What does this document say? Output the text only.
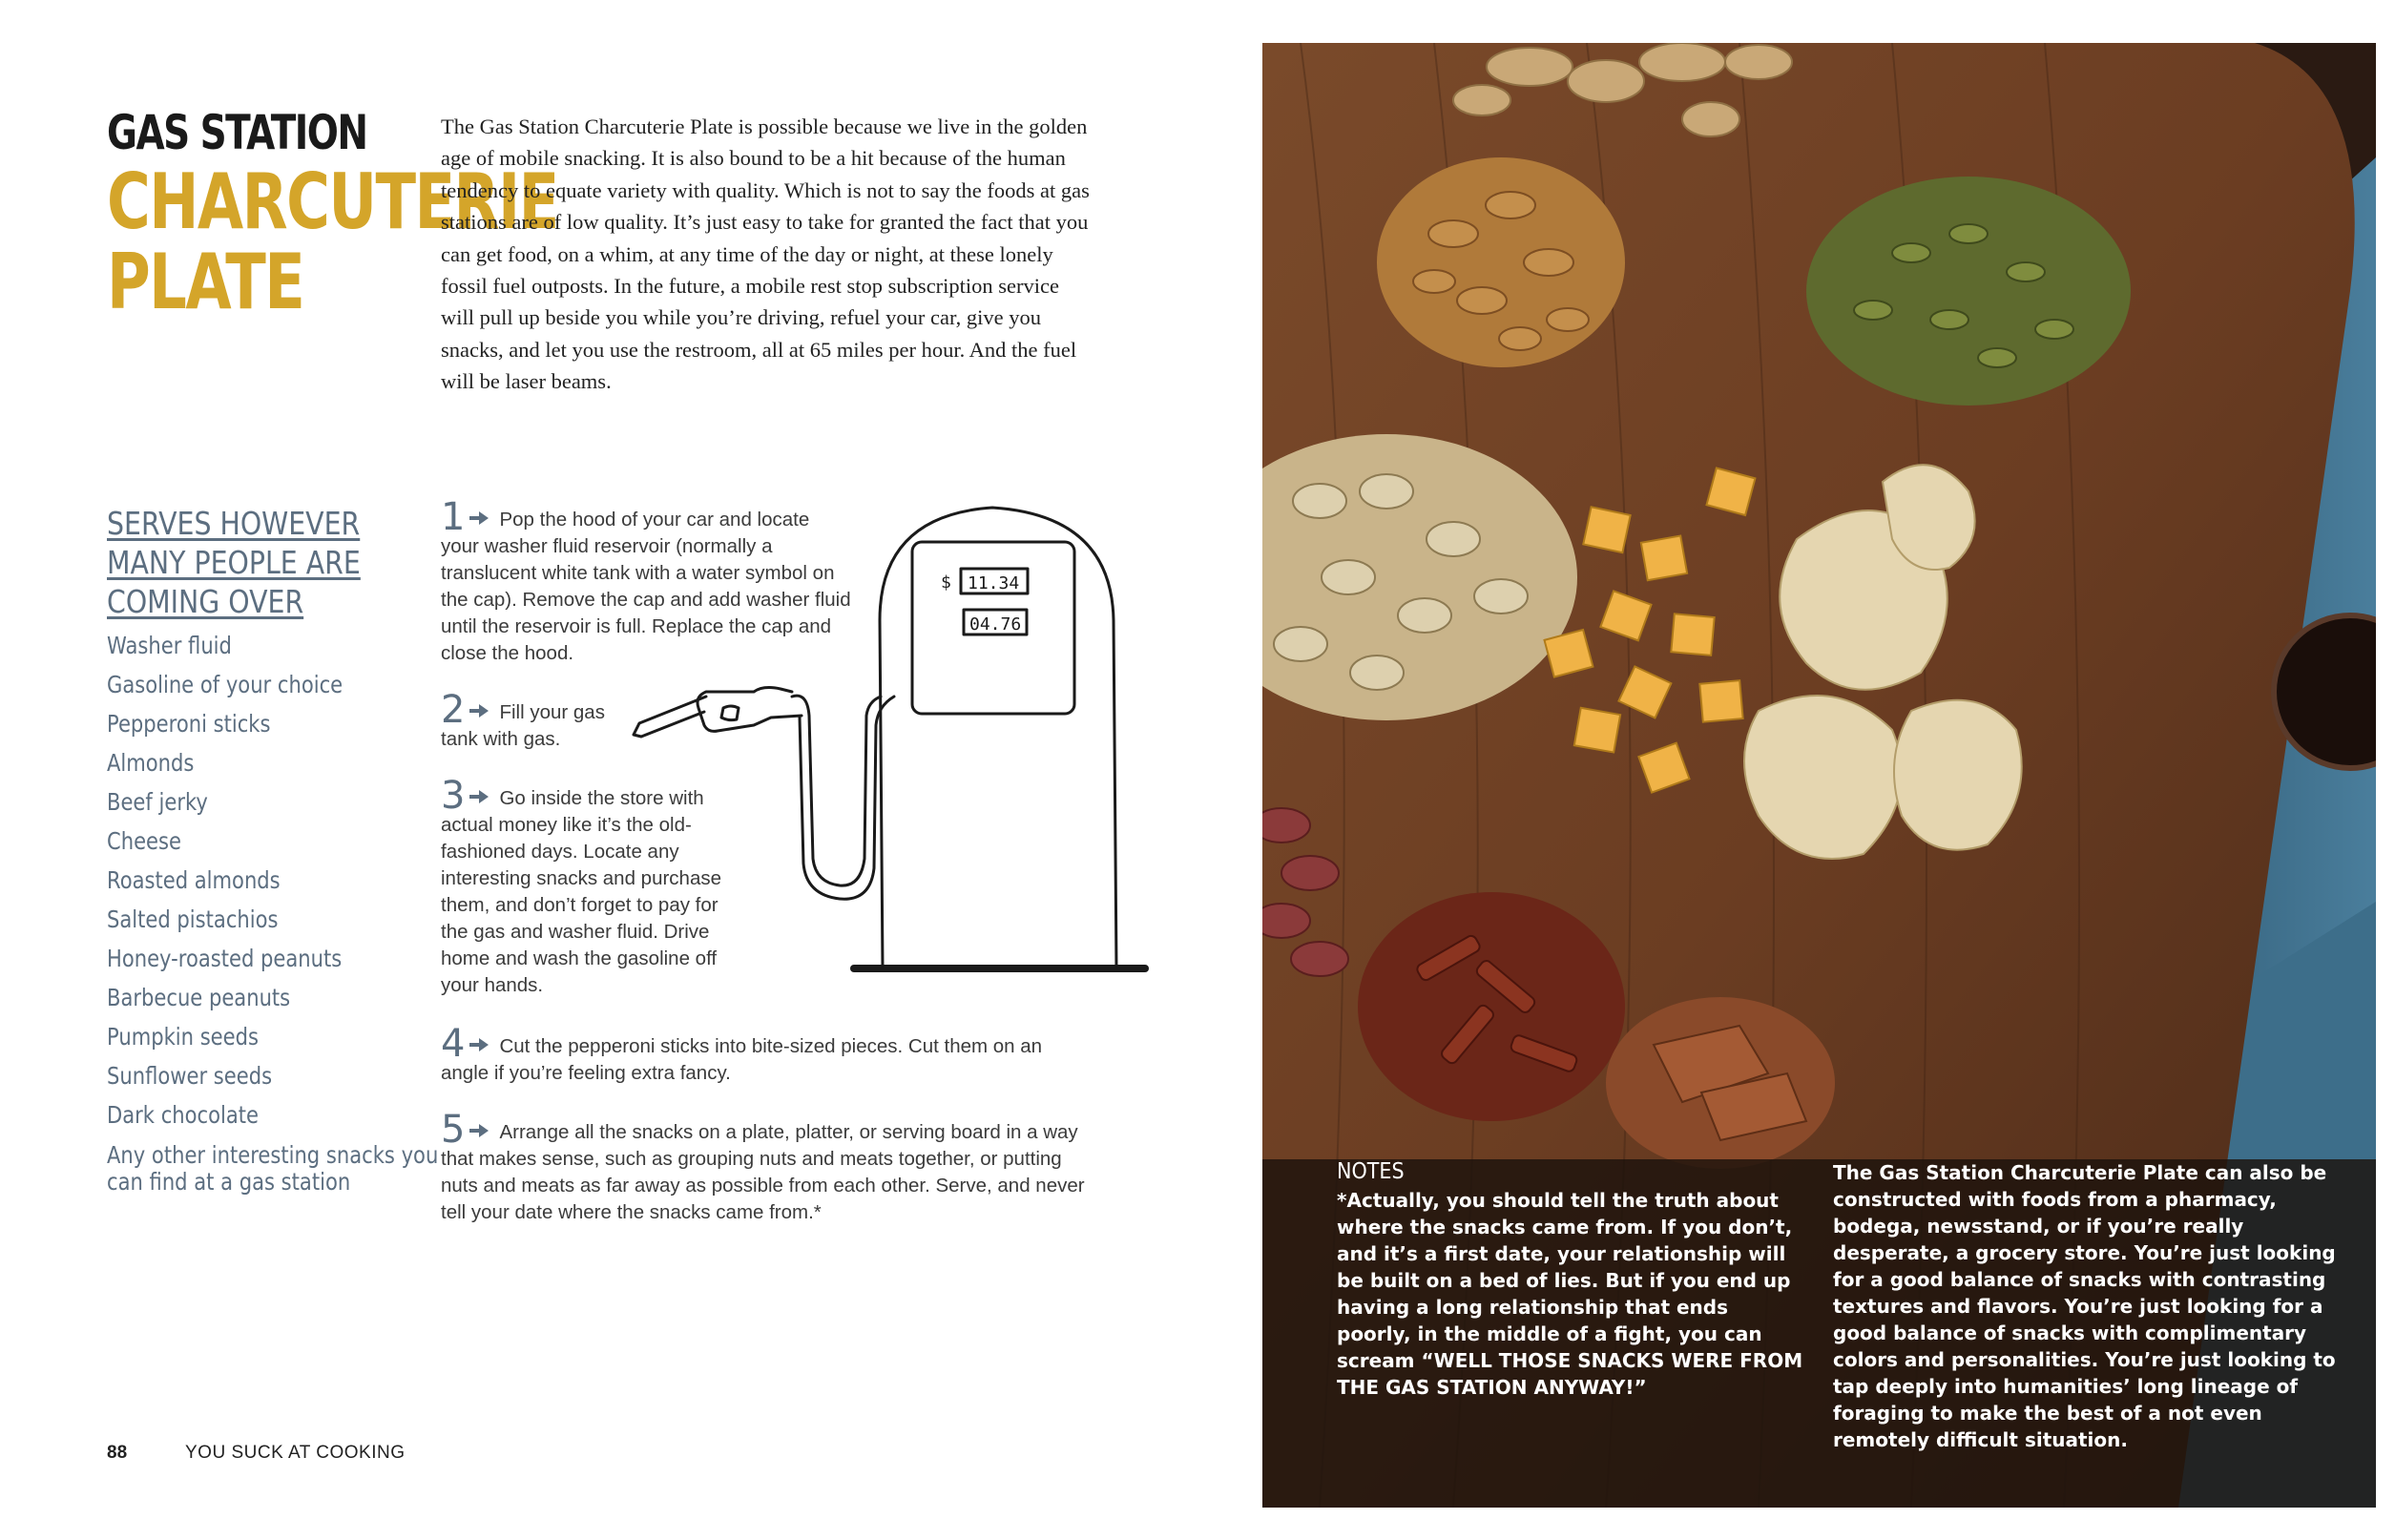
GAS STATION
CHARCUTERIE
PLATE

The Gas Station Charcuterie Plate is possible because we live in the golden age of mobile snacking. It is also bound to be a hit because of the human tendency to equate variety with quality. Which is not to say the foods at gas stations are of low quality. It’s just easy to take for granted the fact that you can get food, on a whim, at any time of the day or night, at these lonely fossil fuel outposts. In the future, a mobile rest stop subscription service will pull up beside you while you’re driving, refuel your car, give you snacks, and let you use the restroom, all at 65 miles per hour. And the fuel will be laser beams.

SERVES HOWEVER
MANY PEOPLE ARE
COMING OVER
Washer fluid
Gasoline of your choice
Pepperoni sticks
Almonds
Beef jerky
Cheese
Roasted almonds
Salted pistachios
Honey-roasted peanuts
Barbecue peanuts
Pumpkin seeds
Sunflower seeds
Dark chocolate
Any other interesting snacks you can find at a gas station
1 Pop the hood of your car and locate your washer fluid reservoir (normally a translucent white tank with a water symbol on the cap). Remove the cap and add washer fluid until the reservoir is full. Replace the cap and close the hood.
2 Fill your gas tank with gas.
3 Go inside the store with actual money like it’s the old-fashioned days. Locate any interesting snacks and purchase them, and don’t forget to pay for the gas and washer fluid. Drive home and wash the gasoline off your hands.
4 Cut the pepperoni sticks into bite-sized pieces. Cut them on an angle if you’re feeling extra fancy.
5 Arrange all the snacks on a plate, platter, or serving board in a way that makes sense, such as grouping nuts and meats together, or putting nuts and meats as far away as possible from each other. Serve, and never tell your date where the snacks came from.*
$ 11.34
04.76
88	YOU SUCK AT COOKING
NOTES
*Actually, you should tell the truth about where the snacks came from. If you don’t, and it’s a first date, your relationship will be built on a bed of lies. But if you end up having a long relationship that ends poorly, in the middle of a fight, you can scream “WELL THOSE SNACKS WERE FROM THE GAS STATION ANYWAY!”
The Gas Station Charcuterie Plate can also be constructed with foods from a pharmacy, bodega, newsstand, or if you’re really desperate, a grocery store. You’re just looking for a good balance of snacks with contrasting textures and flavors. You’re just looking for a good balance of snacks with complimentary colors and personalities. You’re just looking to tap deeply into humanities’ long lineage of foraging to make the best of a not even remotely difficult situation.
